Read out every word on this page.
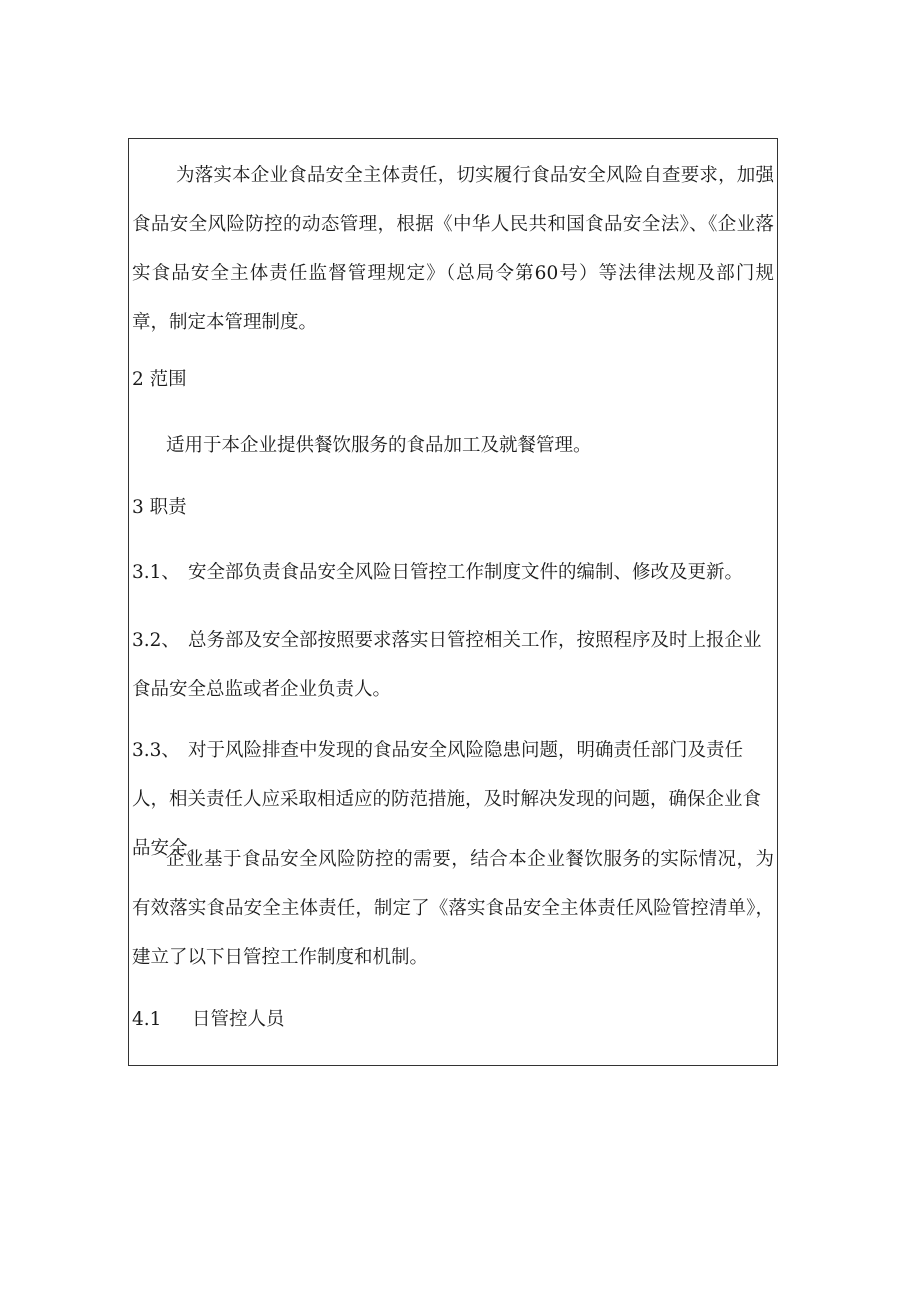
为落实本企业食品安全主体责任，切实履行食品安全风险自查要求，加强食品安全风险防控的动态管理，根据《中华人民共和国食品安全法》、《企业落实食品安全主体责任监督管理规定》（总局令第60号）等法律法规及部门规章，制定本管理制度。

2 范围

适用于本企业提供餐饮服务的食品加工及就餐管理。

3 职责

3.1、 安全部负责食品安全风险日管控工作制度文件的编制、修改及更新。

3.2、 总务部及安全部按照要求落实日管控相关工作，按照程序及时上报企业食品安全总监或者企业负责人。

3.3、 对于风险排查中发现的食品安全风险隐患问题，明确责任部门及责任人，相关责任人应采取相适应的防范措施，及时解决发现的问题，确保企业食品安全。

企业基于食品安全风险防控的需要，结合本企业餐饮服务的实际情况，为有效落实食品安全主体责任，制定了《落实食品安全主体责任风险管控清单》，建立了以下日管控工作制度和机制。

4.1 日管控人员
